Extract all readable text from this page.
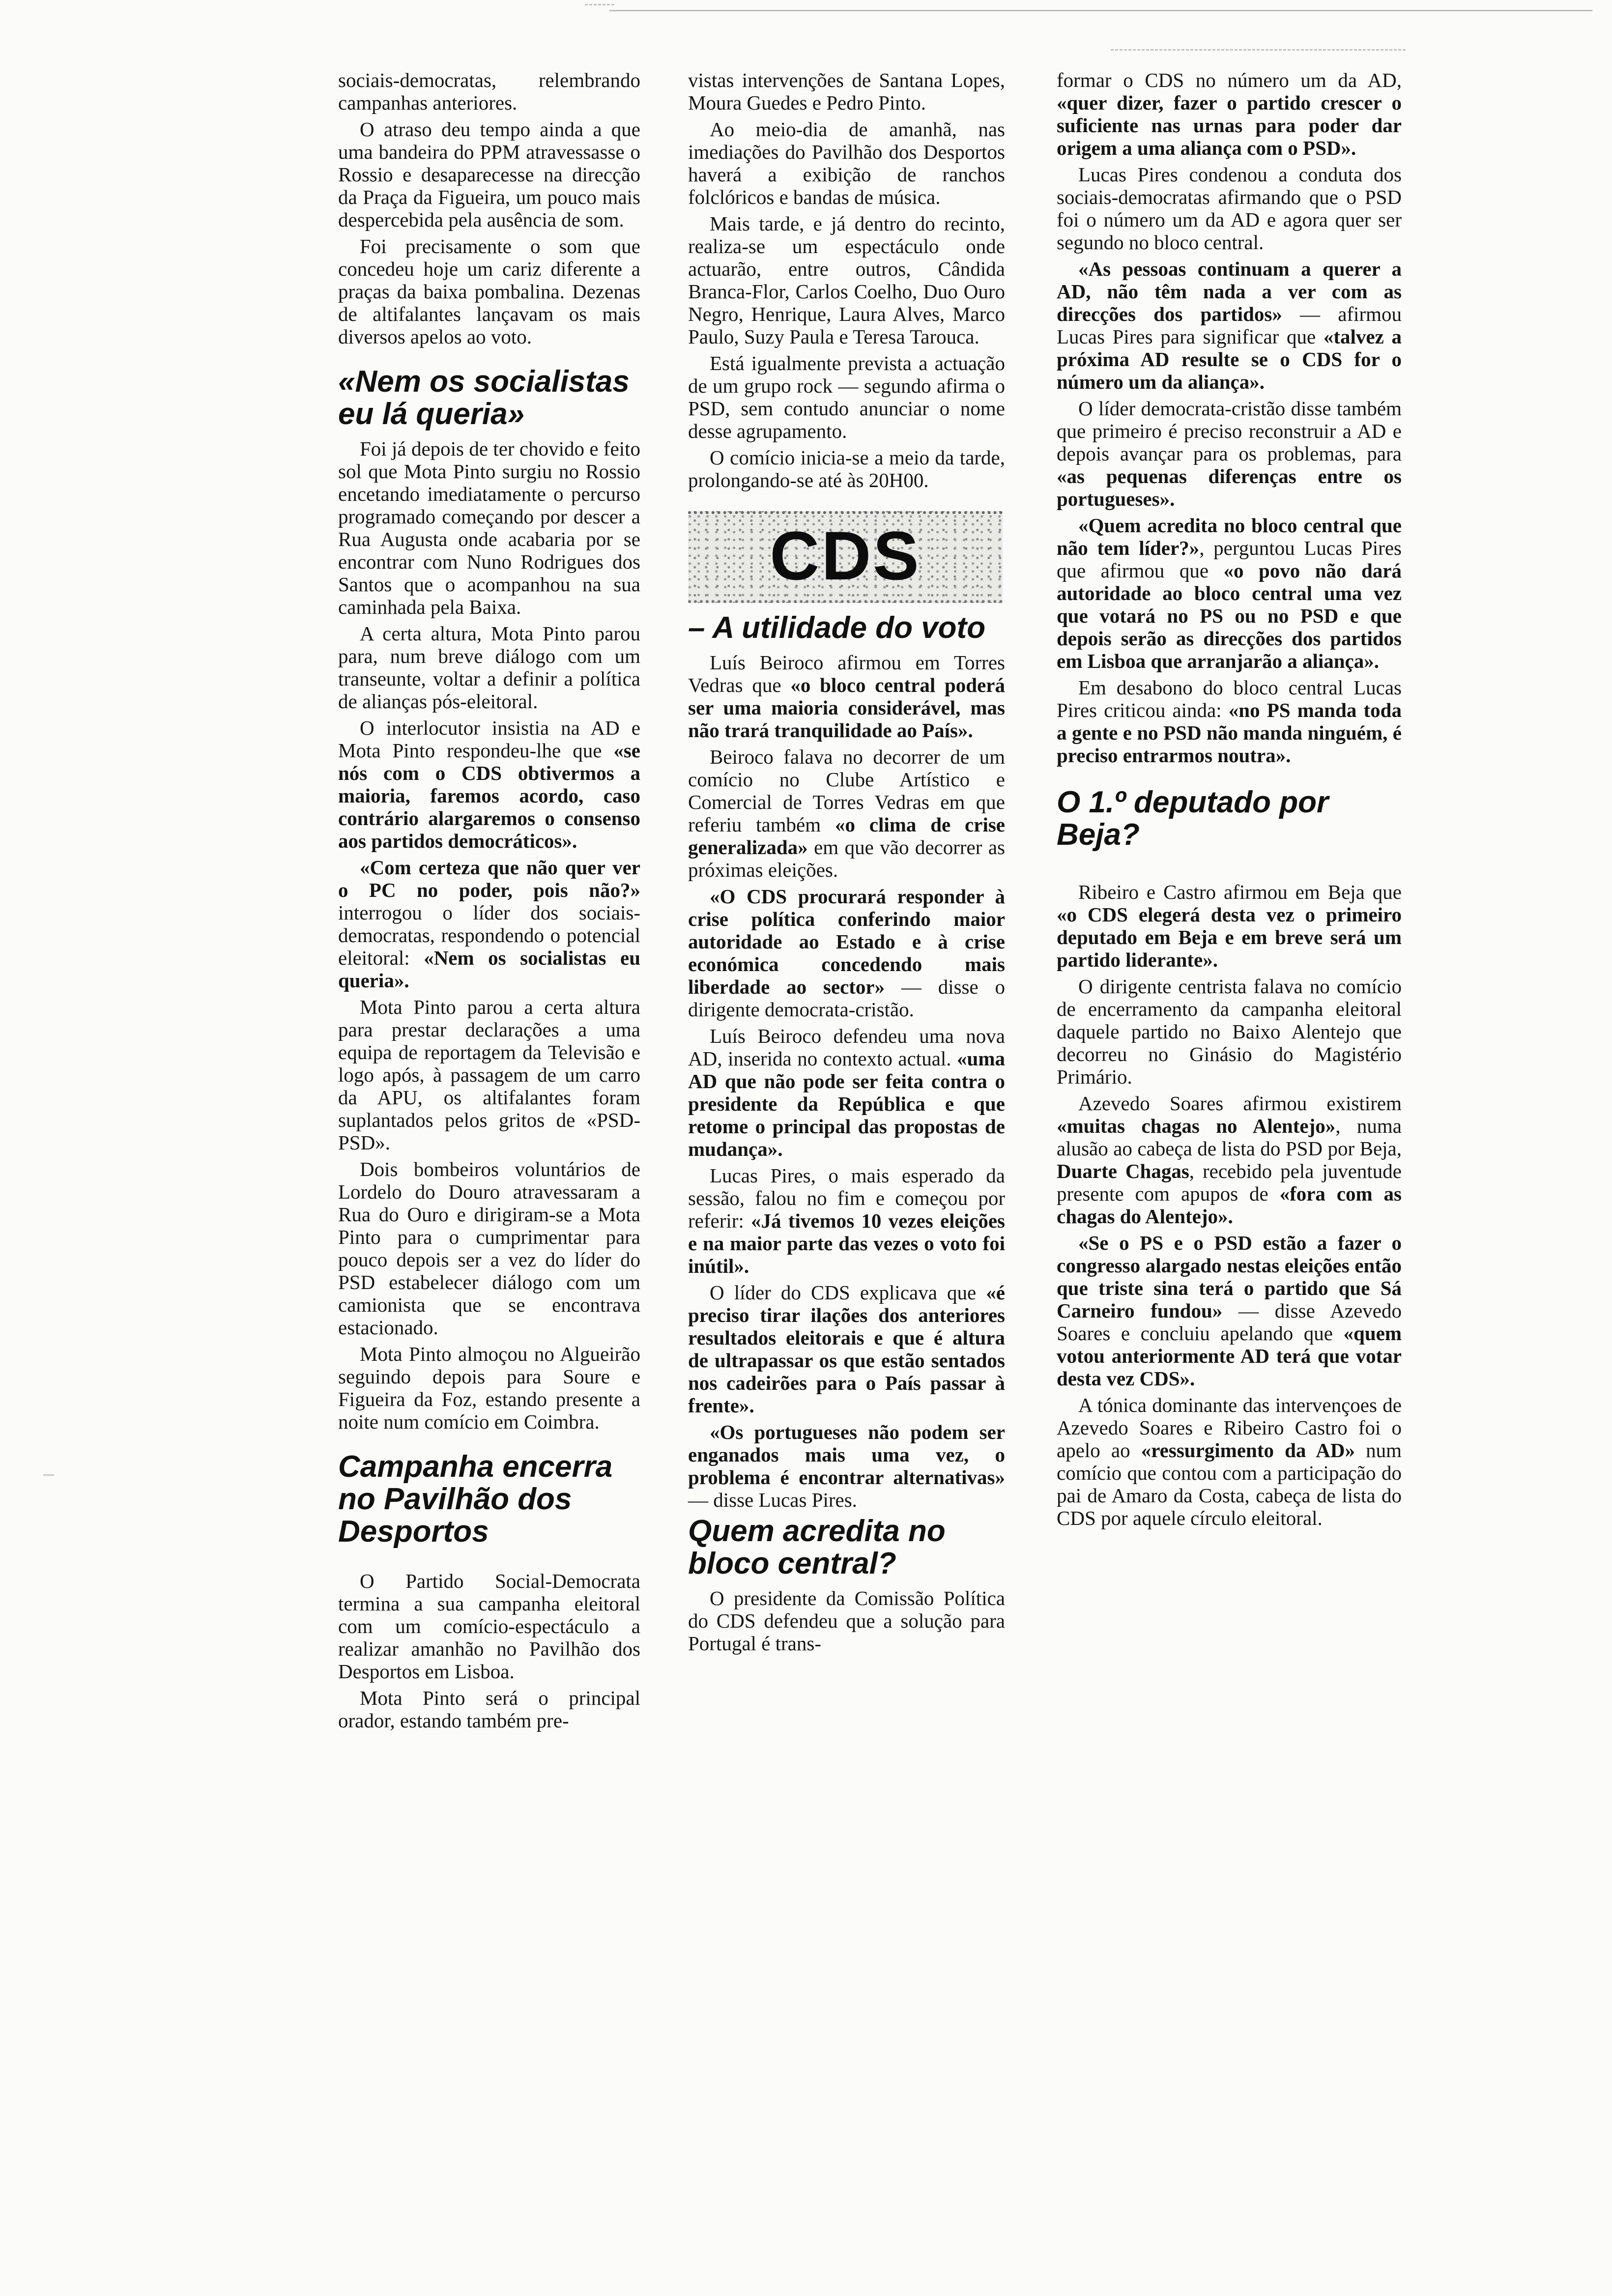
sociais-democratas, relembrando campanhas anteriores.

O atraso deu tempo ainda a que uma bandeira do PPM atravessasse o Rossio e desaparecesse na direcção da Praça da Figueira, um pouco mais despercebida pela ausência de som.

Foi precisamente o som que concedeu hoje um cariz diferente a praças da baixa pombalina. Dezenas de altifalantes lançavam os mais diversos apelos ao voto.

«Nem os socialistas eu lá queria»

Foi já depois de ter chovido e feito sol que Mota Pinto surgiu no Rossio encetando imediatamente o percurso programado começando por descer a Rua Augusta onde acabaria por se encontrar com Nuno Rodrigues dos Santos que o acompanhou na sua caminhada pela Baixa.

A certa altura, Mota Pinto parou para, num breve diálogo com um transeunte, voltar a definir a política de alianças pós-eleitoral.

O interlocutor insistia na AD e Mota Pinto respondeu-lhe que «se nós com o CDS obtivermos a maioria, faremos acordo, caso contrário alargaremos o consenso aos partidos democráticos».

«Com certeza que não quer ver o PC no poder, pois não?» interrogou o líder dos sociais-democratas, respondendo o potencial eleitoral: «Nem os socialistas eu queria».

Mota Pinto parou a certa altura para prestar declarações a uma equipa de reportagem da Televisão e logo após, à passagem de um carro da APU, os altifalantes foram suplantados pelos gritos de «PSD-PSD».

Dois bombeiros voluntários de Lordelo do Douro atravessaram a Rua do Ouro e dirigiram-se a Mota Pinto para o cumprimentar para pouco depois ser a vez do líder do PSD estabelecer diálogo com um camionista que se encontrava estacionado.

Mota Pinto almoçou no Algueirão seguindo depois para Soure e Figueira da Foz, estando presente a noite num comício em Coimbra.

Campanha encerra no Pavilhão dos Desportos

O Partido Social-Democrata termina a sua campanha eleitoral com um comício-espectáculo a realizar amanhão no Pavilhão dos Desportos em Lisboa.

Mota Pinto será o principal orador, estando também pre-

vistas intervenções de Santana Lopes, Moura Guedes e Pedro Pinto.

Ao meio-dia de amanhã, nas imediações do Pavilhão dos Desportos haverá a exibição de ranchos folclóricos e bandas de música.

Mais tarde, e já dentro do recinto, realiza-se um espectáculo onde actuarão, entre outros, Cândida Branca-Flor, Carlos Coelho, Duo Ouro Negro, Henrique, Laura Alves, Marco Paulo, Suzy Paula e Teresa Tarouca.

Está igualmente prevista a actuação de um grupo rock — segundo afirma o PSD, sem contudo anunciar o nome desse agrupamento.

O comício inicia-se a meio da tarde, prolongando-se até às 20H00.

CDS
– A utilidade do voto

Luís Beiroco afirmou em Torres Vedras que «o bloco central poderá ser uma maioria considerável, mas não trará tranquilidade ao País».

Beiroco falava no decorrer de um comício no Clube Artístico e Comercial de Torres Vedras em que referiu também «o clima de crise generalizada» em que vão decorrer as próximas eleições.

«O CDS procurará responder à crise política conferindo maior autoridade ao Estado e à crise económica concedendo mais liberdade ao sector» — disse o dirigente democrata-cristão.

Luís Beiroco defendeu uma nova AD, inserida no contexto actual. «uma AD que não pode ser feita contra o presidente da República e que retome o principal das propostas de mudança».

Lucas Pires, o mais esperado da sessão, falou no fim e começou por referir: «Já tivemos 10 vezes eleições e na maior parte das vezes o voto foi inútil».

O líder do CDS explicava que «é preciso tirar ilações dos anteriores resultados eleitorais e que é altura de ultrapassar os que estão sentados nos cadeirões para o País passar à frente».

«Os portugueses não podem ser enganados mais uma vez, o problema é encontrar alternativas» — disse Lucas Pires.

Quem acredita no bloco central?

O presidente da Comissão Política do CDS defendeu que a solução para Portugal é trans-

formar o CDS no número um da AD, «quer dizer, fazer o partido crescer o suficiente nas urnas para poder dar origem a uma aliança com o PSD».

Lucas Pires condenou a conduta dos sociais-democratas afirmando que o PSD foi o número um da AD e agora quer ser segundo no bloco central.

«As pessoas continuam a querer a AD, não têm nada a ver com as direcções dos partidos» — afirmou Lucas Pires para significar que «talvez a próxima AD resulte se o CDS for o número um da aliança».

O líder democrata-cristão disse também que primeiro é preciso reconstruir a AD e depois avançar para os problemas, para «as pequenas diferenças entre os portugueses».

«Quem acredita no bloco central que não tem líder?», perguntou Lucas Pires que afirmou que «o povo não dará autoridade ao bloco central uma vez que votará no PS ou no PSD e que depois serão as direcções dos partidos em Lisboa que arranjarão a aliança».

Em desabono do bloco central Lucas Pires criticou ainda: «no PS manda toda a gente e no PSD não manda ninguém, é preciso entrarmos noutra».

O 1.º deputado por Beja?

Ribeiro e Castro afirmou em Beja que «o CDS elegerá desta vez o primeiro deputado em Beja e em breve será um partido liderante».

O dirigente centrista falava no comício de encerramento da campanha eleitoral daquele partido no Baixo Alentejo que decorreu no Ginásio do Magistério Primário.

Azevedo Soares afirmou existirem «muitas chagas no Alentejo», numa alusão ao cabeça de lista do PSD por Beja, Duarte Chagas, recebido pela juventude presente com apupos de «fora com as chagas do Alentejo».

«Se o PS e o PSD estão a fazer o congresso alargado nestas eleições então que triste sina terá o partido que Sá Carneiro fundou» — disse Azevedo Soares e concluiu apelando que «quem votou anteriormente AD terá que votar desta vez CDS».

A tónica dominante das intervençoes de Azevedo Soares e Ribeiro Castro foi o apelo ao «ressurgimento da AD» num comício que contou com a participação do pai de Amaro da Costa, cabeça de lista do CDS por aquele círculo eleitoral.
